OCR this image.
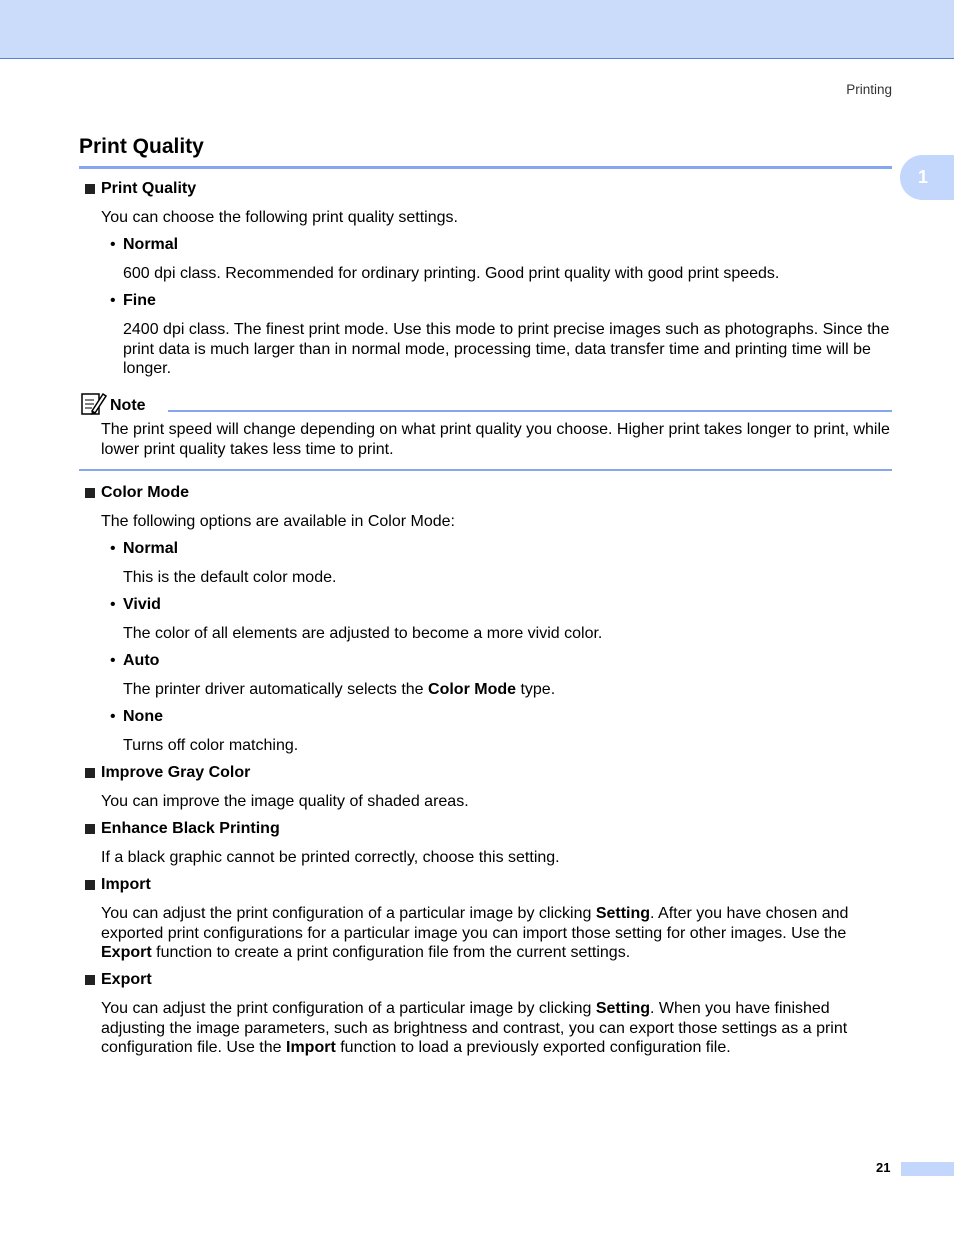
Printing
1
Print Quality
Print Quality

You can choose the following print quality settings.

• Normal

600 dpi class. Recommended for ordinary printing. Good print quality with good print speeds.

• Fine

2400 dpi class. The finest print mode. Use this mode to print precise images such as photographs. Since the print data is much larger than in normal mode, processing time, data transfer time and printing time will be longer.

Note

The print speed will change depending on what print quality you choose. Higher print takes longer to print, while lower print quality takes less time to print.

Color Mode

The following options are available in Color Mode:

• Normal

This is the default color mode.

• Vivid

The color of all elements are adjusted to become a more vivid color.

• Auto

The printer driver automatically selects the Color Mode type.

• None

Turns off color matching.

Improve Gray Color

You can improve the image quality of shaded areas.

Enhance Black Printing

If a black graphic cannot be printed correctly, choose this setting.

Import

You can adjust the print configuration of a particular image by clicking Setting. After you have chosen and exported print configurations for a particular image you can import those setting for other images. Use the Export function to create a print configuration file from the current settings.

Export

You can adjust the print configuration of a particular image by clicking Setting. When you have finished adjusting the image parameters, such as brightness and contrast, you can export those settings as a print configuration file. Use the Import function to load a previously exported configuration file.

21
